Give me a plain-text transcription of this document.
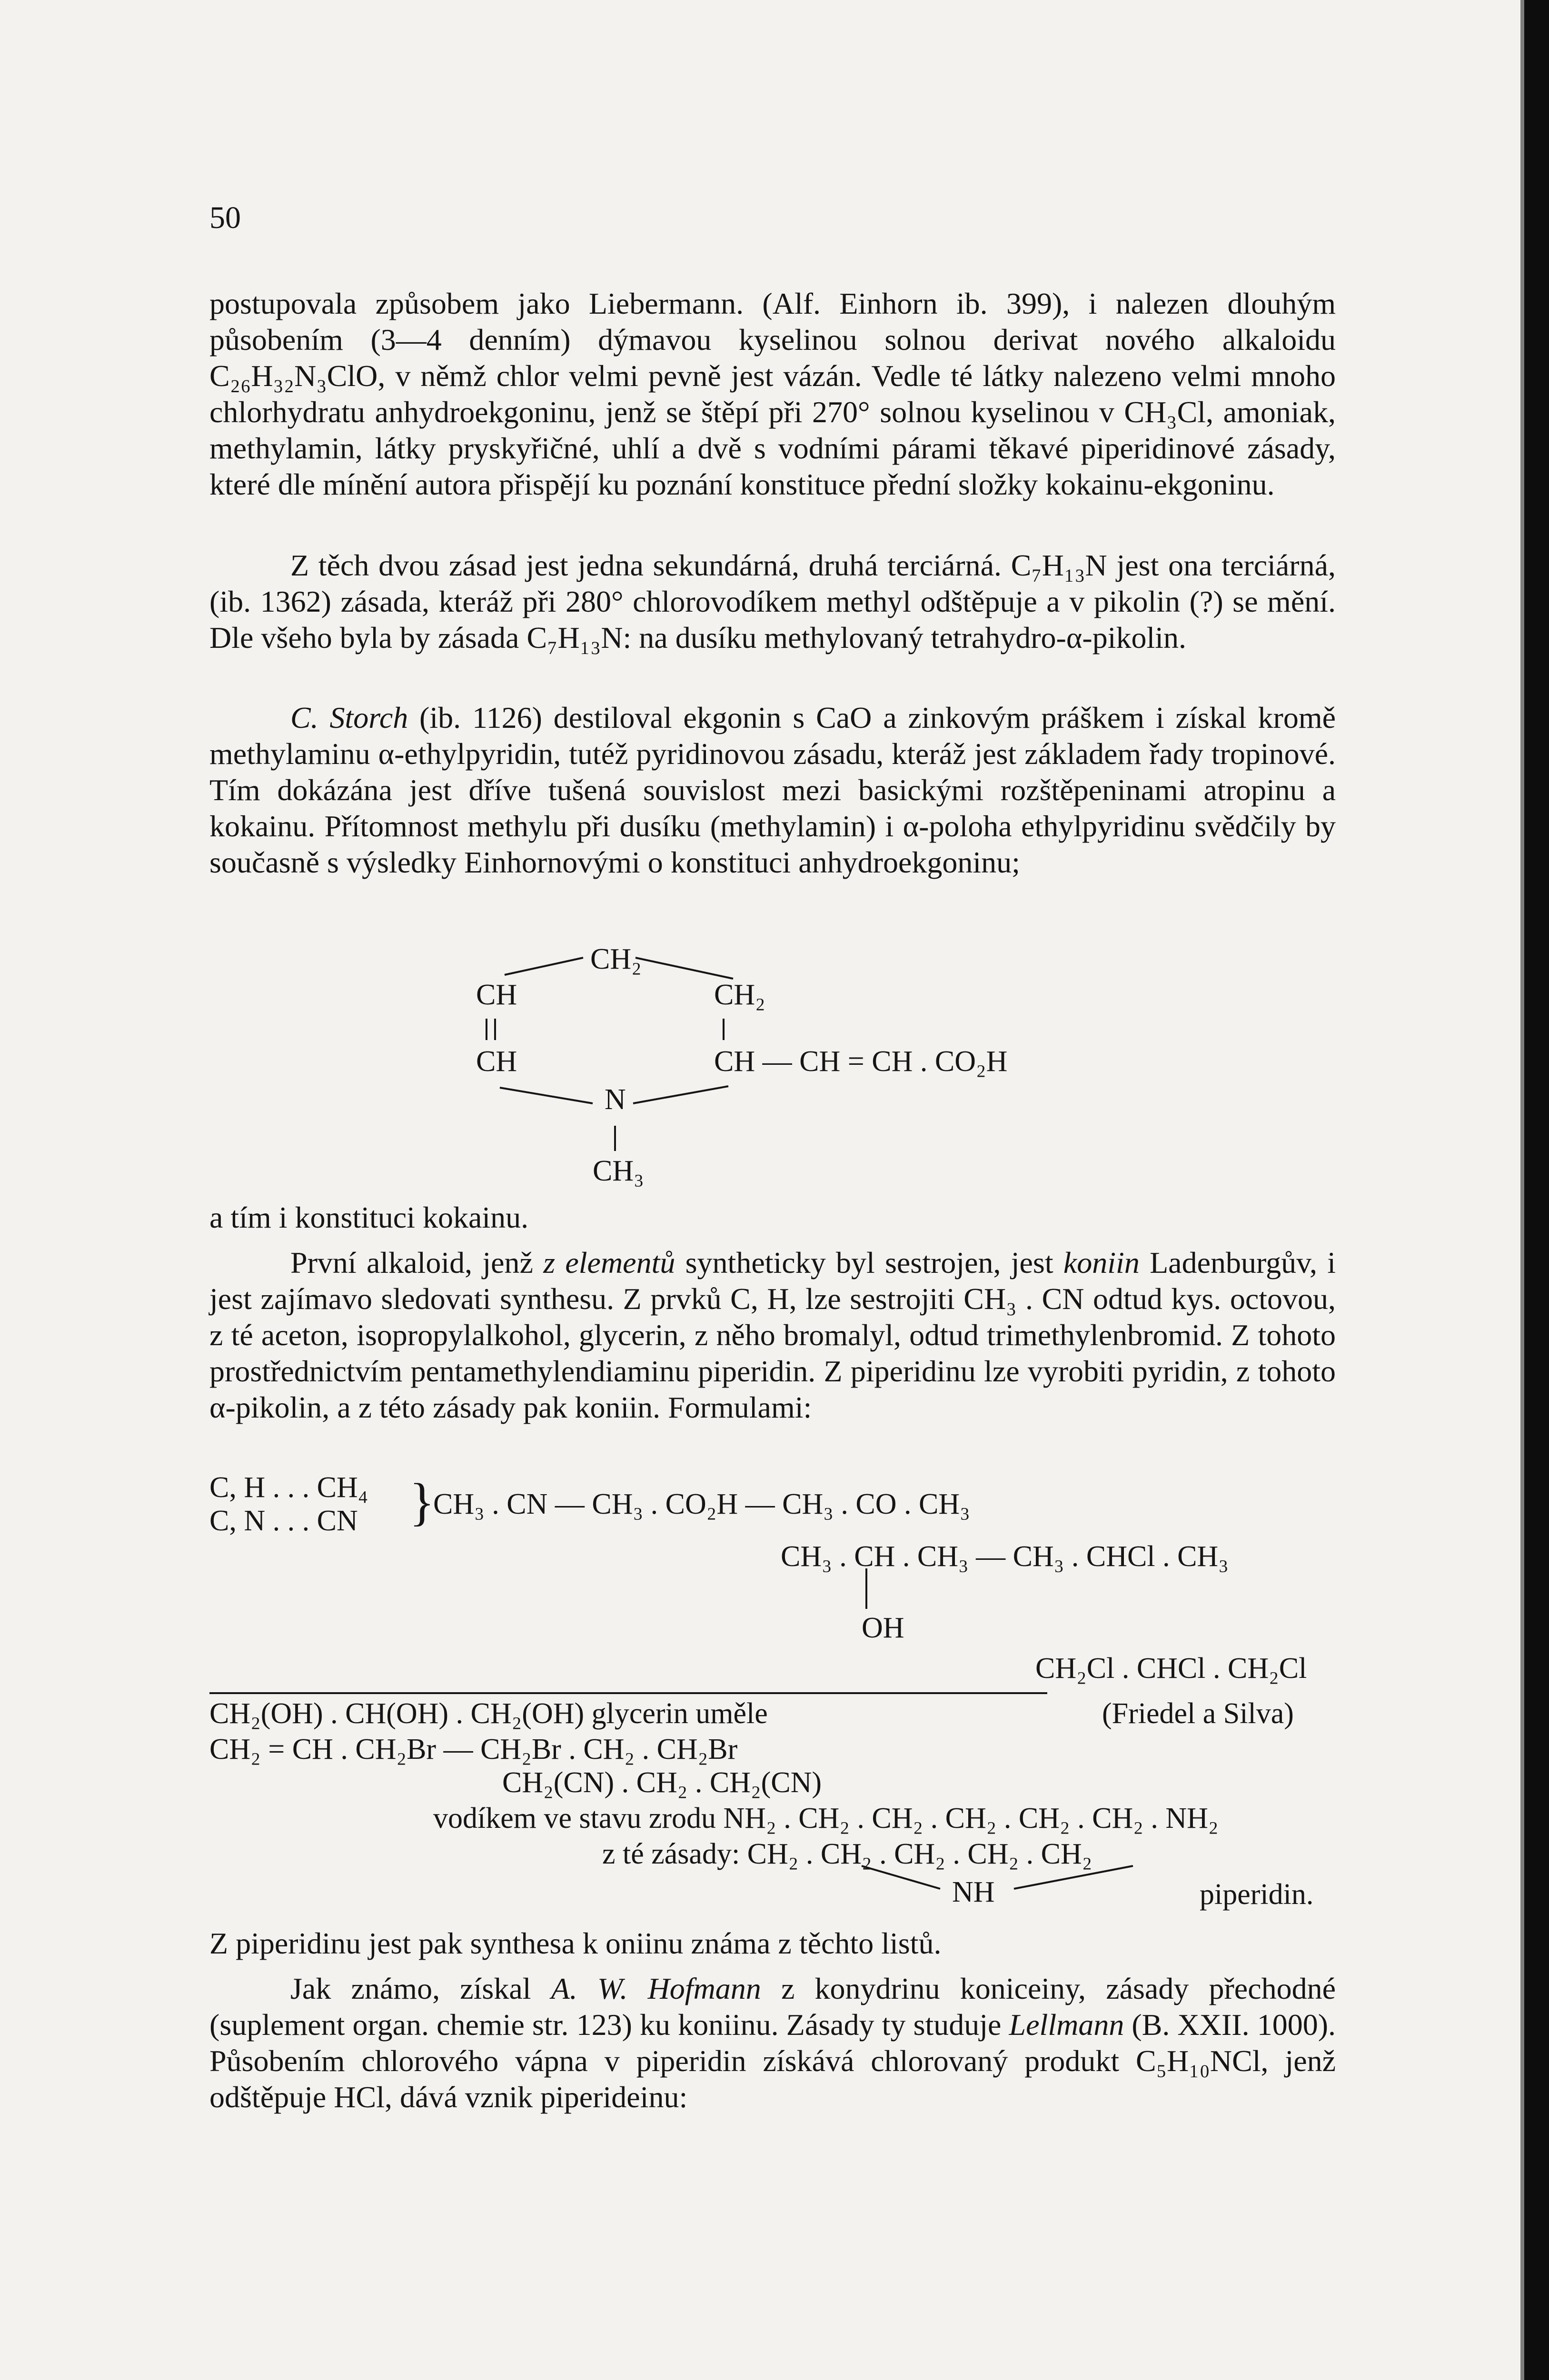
50
postupovala způsobem jako Liebermann. (Alf. Einhorn ib. 399), i nalezen dlouhým působením (3—4 denním) dýmavou kyselinou solnou derivat nového alkaloidu C₂₆H₃₂N₃ClO, v němž chlor velmi pevně jest vázán. Vedle té látky nalezeno velmi mnoho chlorhydratu anhydroekgoninu, jenž se štěpí při 270° solnou kyselinou v CH₃Cl, amoniak, methylamin, látky pryskyřičné, uhlí a dvě s vodními párami těkavé piperidinové zásady, které dle mínění autora přispějí ku poznání konstituce přední složky kokainu-ekgoninu.
Z těch dvou zásad jest jedna sekundárná, druhá terciárná. C₇H₁₃N jest ona terciárná, (ib. 1362) zásada, kteráž při 280° chlorovodíkem methyl odštěpuje a v pikolin (?) se mění. Dle všeho byla by zásada C₇H₁₃N: na dusíku methylovaný tetrahydro-α-pikolin.
C. Storch (ib. 1126) destiloval ekgonin s CaO a zinkovým práškem i získal kromě methylaminu α-ethylpyridin, tutéž pyridinovou zásadu, kteráž jest základem řady tropinové. Tím dokázána jest dříve tušená souvislost mezi basickými rozštěpeninami atropinu a kokainu. Přítomnost methylu při dusíku (methylamin) i α-poloha ethylpyridinu svědčily by současně s výsledky Einhornovými o konstituci anhydroekgoninu;
CH₂
CH	CH₂
CH	CH — CH = CH . CO₂H
N
CH₃
a tím i konstituci kokainu.
První alkaloid, jenž z elementů syntheticky byl sestrojen, jest koniin Ladenburgův, i jest zajímavo sledovati synthesu. Z prvků C, H, lze sestrojiti CH₃ . CN odtud kys. octovou, z té aceton, isopropylalkohol, glycerin, z něho bromalyl, odtud trimethylenbromid. Z tohoto prostřednictvím pentamethylendiaminu piperidin. Z piperidinu lze vyrobiti pyridin, z tohoto α-pikolin, a z této zásady pak koniin. Formulami:
C, H . . . CH₄
C, N . . . CN }
CH₃ . CN — CH₃ . CO₂H — CH₃ . CO . CH₃
CH₃ . CH . CH₃ — CH₃ . CHCl . CH₃
OH
CH₂Cl . CHCl . CH₂Cl
CH₂(OH) . CH(OH) . CH₂(OH) glycerin uměle	(Friedel a Silva)
CH₂ = CH . CH₂Br — CH₂Br . CH₂ . CH₂Br
CH₂(CN) . CH₂ . CH₂(CN)
vodíkem ve stavu zrodu NH₂ . CH₂ . CH₂ . CH₂ . CH₂ . CH₂ . NH₂
z té zásady: CH₂ . CH₂ . CH₂ . CH₂ . CH₂
NH	piperidin.
Z piperidinu jest pak synthesa k oniinu známa z těchto listů.
Jak známo, získal A. W. Hofmann z konydrinu koniceiny, zásady přechodné (suplement organ. chemie str. 123) ku koniinu. Zásady ty studuje Lellmann (B. XXII. 1000). Působením chlorového vápna v piperidin získává chlorovaný produkt C₅H₁₀NCl, jenž odštěpuje HCl, dává vznik piperideinu:
